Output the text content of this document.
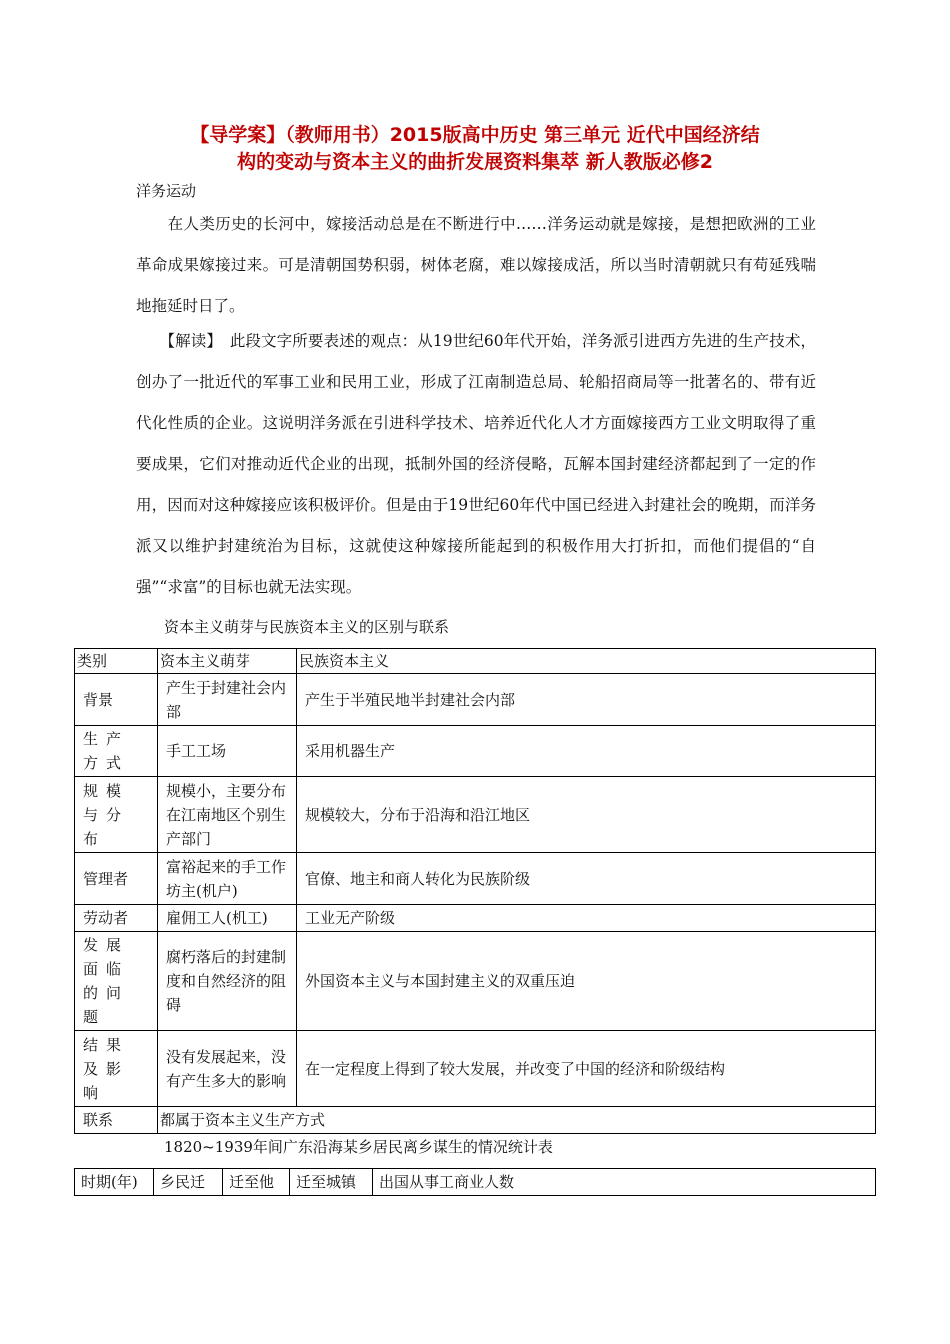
【导学案】（教师用书）2015版高中历史 第三单元 近代中国经济结
构的变动与资本主义的曲折发展资料集萃 新人教版必修2
洋务运动
　　在人类历史的长河中，嫁接活动总是在不断进行中……洋务运动就是嫁接，是想把欧洲的工业革命成果嫁接过来。可是清朝国势积弱，树体老腐，难以嫁接成活，所以当时清朝就只有苟延残喘地拖延时日了。
　　【解读】　此段文字所要表述的观点：从19世纪60年代开始，洋务派引进西方先进的生产技术，创办了一批近代的军事工业和民用工业，形成了江南制造总局、轮船招商局等一批著名的、带有近代化性质的企业。这说明洋务派在引进科学技术、培养近代化人才方面嫁接西方工业文明取得了重要成果，它们对推动近代企业的出现，抵制外国的经济侵略，瓦解本国封建经济都起到了一定的作用，因而对这种嫁接应该积极评价。但是由于19世纪60年代中国已经进入封建社会的晚期，而洋务派又以维护封建统治为目标，这就使这种嫁接所能起到的积极作用大打折扣，而他们提倡的“自强”“求富”的目标也就无法实现。
资本主义萌芽与民族资本主义的区别与联系
类别	资本主义萌芽	民族资本主义
背景	产生于封建社会内部	产生于半殖民地半封建社会内部
生产方式	手工工场	采用机器生产
规模与分布	规模小，主要分布在江南地区个别生产部门	规模较大，分布于沿海和沿江地区
管理者	富裕起来的手工作坊主(机户)	官僚、地主和商人转化为民族阶级
劳动者	雇佣工人(机工)	工业无产阶级
发展面临的问题	腐朽落后的封建制度和自然经济的阻碍	外国资本主义与本国封建主义的双重压迫
结果及影响	没有发展起来，没有产生多大的影响	在一定程度上得到了较大发展，并改变了中国的经济和阶级结构
联系	都属于资本主义生产方式	
1820~1939年间广东沿海某乡居民离乡谋生的情况统计表
时期(年)	乡民迁	迁至他	迁至城镇	出国从事工商业人数
